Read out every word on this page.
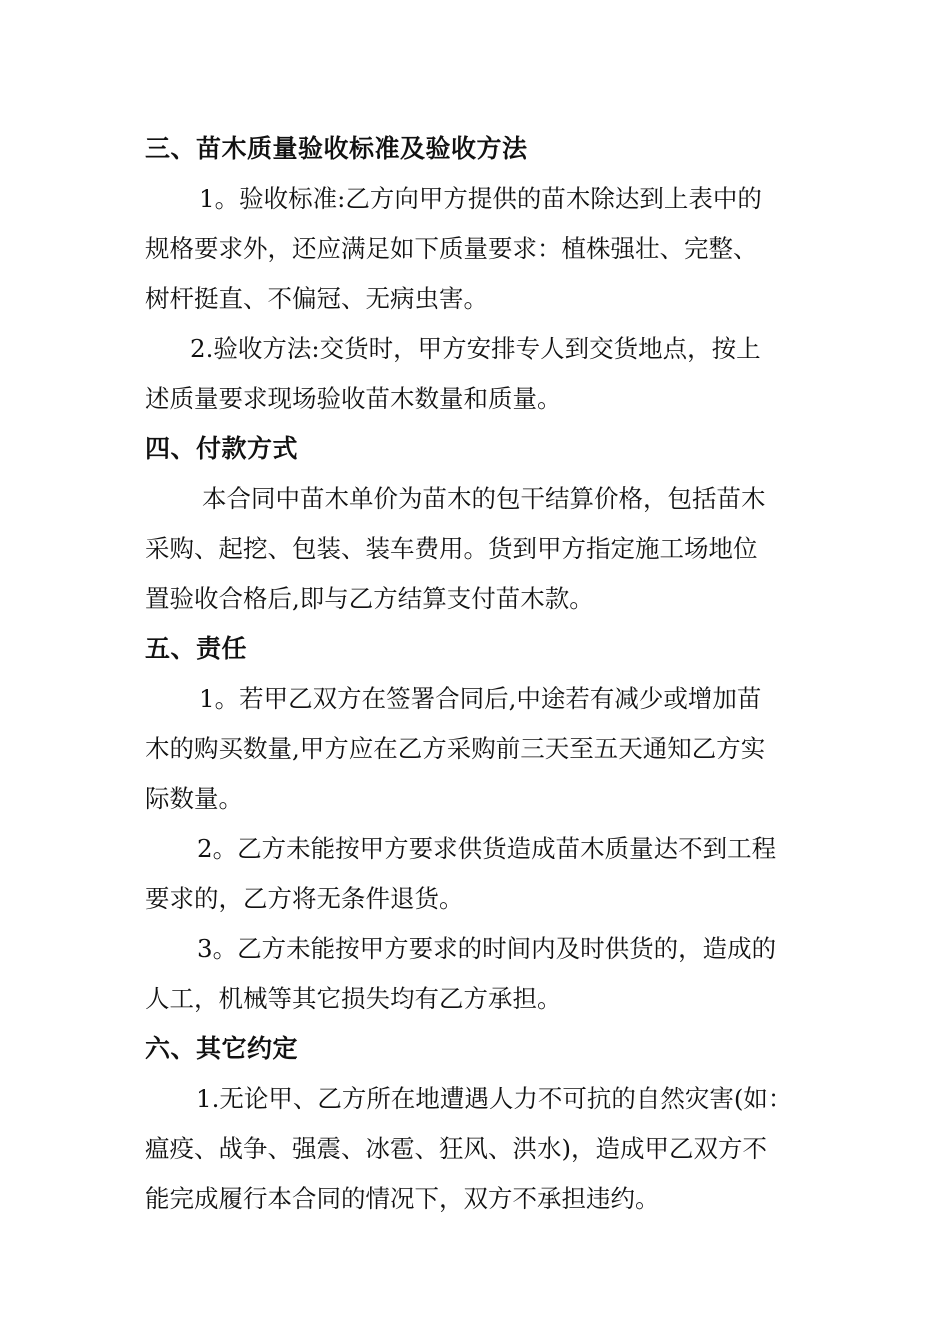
三、苗木质量验收标准及验收方法

1。验收标准:乙方向甲方提供的苗木除达到上表中的

规格要求外，还应满足如下质量要求：植株强壮、完整、

树杆挺直、不偏冠、无病虫害。

2.验收方法:交货时，甲方安排专人到交货地点，按上

述质量要求现场验收苗木数量和质量。

四、付款方式

本合同中苗木单价为苗木的包干结算价格，包括苗木

采购、起挖、包装、装车费用。货到甲方指定施工场地位

置验收合格后,即与乙方结算支付苗木款。

五、责任

1。若甲乙双方在签署合同后,中途若有减少或增加苗

木的购买数量,甲方应在乙方采购前三天至五天通知乙方实

际数量。

2。乙方未能按甲方要求供货造成苗木质量达不到工程

要求的，乙方将无条件退货。

3。乙方未能按甲方要求的时间内及时供货的，造成的

人工，机械等其它损失均有乙方承担。

六、其它约定

1.无论甲、乙方所在地遭遇人力不可抗的自然灾害(如：

瘟疫、战争、强震、冰雹、狂风、洪水)，造成甲乙双方不

能完成履行本合同的情况下，双方不承担违约。
